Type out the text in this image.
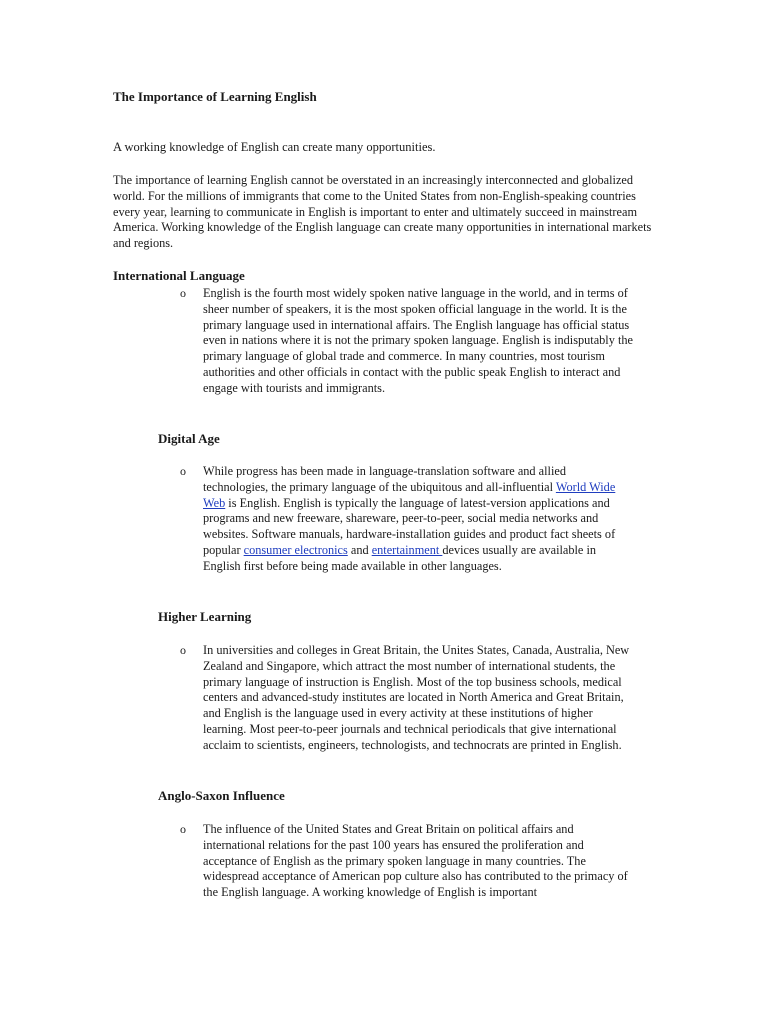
The Importance of Learning English
A working knowledge of English can create many opportunities.
The importance of learning English cannot be overstated in an increasingly interconnected and globalized world. For the millions of immigrants that come to the United States from non-English-speaking countries every year, learning to communicate in English is important to enter and ultimately succeed in mainstream America. Working knowledge of the English language can create many opportunities in international markets and regions.
International Language
o English is the fourth most widely spoken native language in the world, and in terms of sheer number of speakers, it is the most spoken official language in the world. It is the primary language used in international affairs. The English language has official status even in nations where it is not the primary spoken language. English is indisputably the primary language of global trade and commerce. In many countries, most tourism authorities and other officials in contact with the public speak English to interact and engage with tourists and immigrants.
Digital Age
o While progress has been made in language-translation software and allied technologies, the primary language of the ubiquitous and all-influential World Wide Web is English. English is typically the language of latest-version applications and programs and new freeware, shareware, peer-to-peer, social media networks and websites. Software manuals, hardware-installation guides and product fact sheets of popular consumer electronics and entertainment devices usually are available in English first before being made available in other languages.
Higher Learning
o In universities and colleges in Great Britain, the Unites States, Canada, Australia, New Zealand and Singapore, which attract the most number of international students, the primary language of instruction is English. Most of the top business schools, medical centers and advanced-study institutes are located in North America and Great Britain, and English is the language used in every activity at these institutions of higher learning. Most peer-to-peer journals and technical periodicals that give international acclaim to scientists, engineers, technologists, and technocrats are printed in English.
Anglo-Saxon Influence
o The influence of the United States and Great Britain on political affairs and international relations for the past 100 years has ensured the proliferation and acceptance of English as the primary spoken language in many countries. The widespread acceptance of American pop culture also has contributed to the primacy of the English language. A working knowledge of English is important
